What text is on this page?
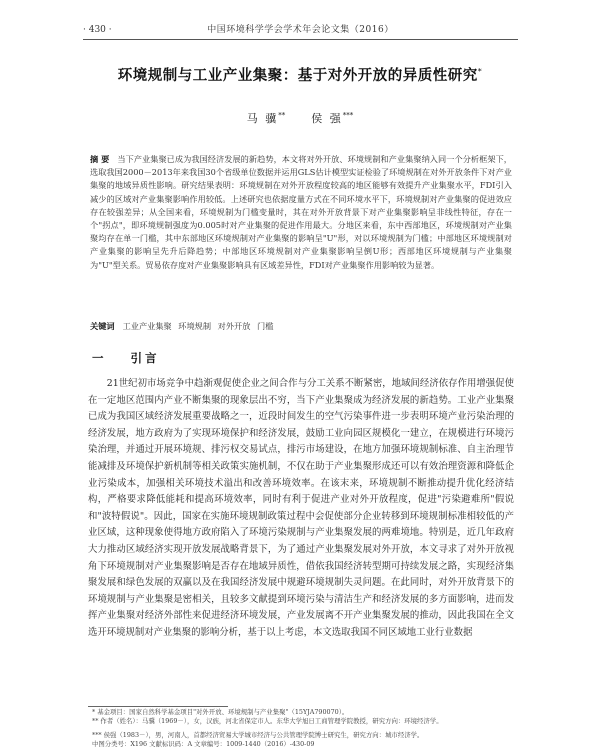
· 430 ·	中国环境科学学会学术年会论文集（2016）
环境规制与工业产业集聚：基于对外开放的异质性研究*
马 骥** 侯 强***
摘 要 当下产业集聚已成为我国经济发展的新趋势，本文将对外开放、环境规制和产业集聚纳入同一个分析框架下，选取我国2000－2013年来我国30个省级单位数据并运用GLS估计模型实证检验了环境规制在对外开放条件下对产业集聚的地域异质性影响。研究结果表明：环境规制在对外开放程度较高的地区能够有效提升产业集聚水平，FDI引入减少的区域对产业集聚影响作用较低。上述研究也依据度量方式在不同环境水平下，环境规制对产业集聚的促进效应存在较强差异；从全国来看，环境规制为门槛变量时，其在对外开放背景下对产业集聚影响呈非线性特征，存在一个"拐点"，即环境规制强度为0.005时对产业集聚的促进作用最大。分地区来看，东中西部地区，环境规制对产业集聚均存在单一门槛，其中东部地区环境规制对产业集聚的影响呈"U"形，对以环境规制为门槛；中部地区环境规制对产业集聚的影响呈先升后降趋势；中部地区环境规制对产业集聚影响呈倒U形；西部地区环境规制与产业集聚为"U"型关系。贸易依存度对产业集聚影响具有区域差异性，FDI对产业集聚作用影响较为显著。
关键词 工业产业集聚 环境规制 对外开放 门槛
一 引言

21世纪初市场竞争中趋渐观促使企业之间合作与分工关系不断紧密，地域间经济依存作用增强促使在一定地区范围内产业不断集聚的现象层出不穷，当下产业集聚成为经济发展的新趋势。工业产业集聚已成为我国区域经济发展重要战略之一，近段时间发生的空气污染事件进一步表明环境产业污染治理的经济发展，地方政府为了实现环境保护和经济发展，鼓励工业向园区规模化一建立，在规模进行环境污染治理，并通过开展环境规、排污权交易试点，排污市场建设，在地方加强环境规制标准、自主治理节能减排及环境保护新机制等相关政策实施机制，不仅在助于产业集聚形成还可以有效治理资源和降低企业污染成本，加强相关环境技术溢出和改善环境效率。在该末来，环境规制不断推动提升优化经济结构，严格要求降低能耗和提高环境效率，同时有利于促进产业对外开放程度，促进"污染避难所"假说和"波特假说"。因此，国家在实施环境规制政策过程中会促使部分企业转移到环境规制标准相较低的产业区域，这种现象使得地方政府陷入了环境污染规制与产业集聚发展的两难境地。特别是，近几年政府大力推动区域经济实现开放发展战略背景下，为了通过产业集聚发展对外开放，本文寻求了对外开放视角下环境规制对产业集聚影响是否存在地域异质性，借依我国经济转型期可持续发展之路，实现经济集聚发展和绿色发展的双赢以及在我国经济发展中规避环境规制失灵问题。在此同时，对外开放背景下的环境规制与产业集聚是密相关，且较多文献提到环境污染与清洁生产和经济发展的多方面影响，进而发挥产业集聚对经济外部性来促进经济环境发展，产业发展离不开产业集聚发展的推动，因此我国在全文选开环境规制对产业集聚的影响分析，基于以上考虑，本文选取我国不同区域地工业行业数据

* 基金项目：国家自然科学基金项目"对外开放、环境规制与产业集聚"（15YJA790070）。
** 作者（姓名）：马骥（1969－），女，汉族，河北省保定市人。东华大学旭日工商管理学院教授，研究方向：环境经济学。
*** 侯强（1983－），男，河南人，首都经济贸易大学城市经济与公共管理学院博士研究生，研究方向：城市经济学。
中图分类号：X196 文献标识码：A 文章编号：1009-1440（2016）-430-09
